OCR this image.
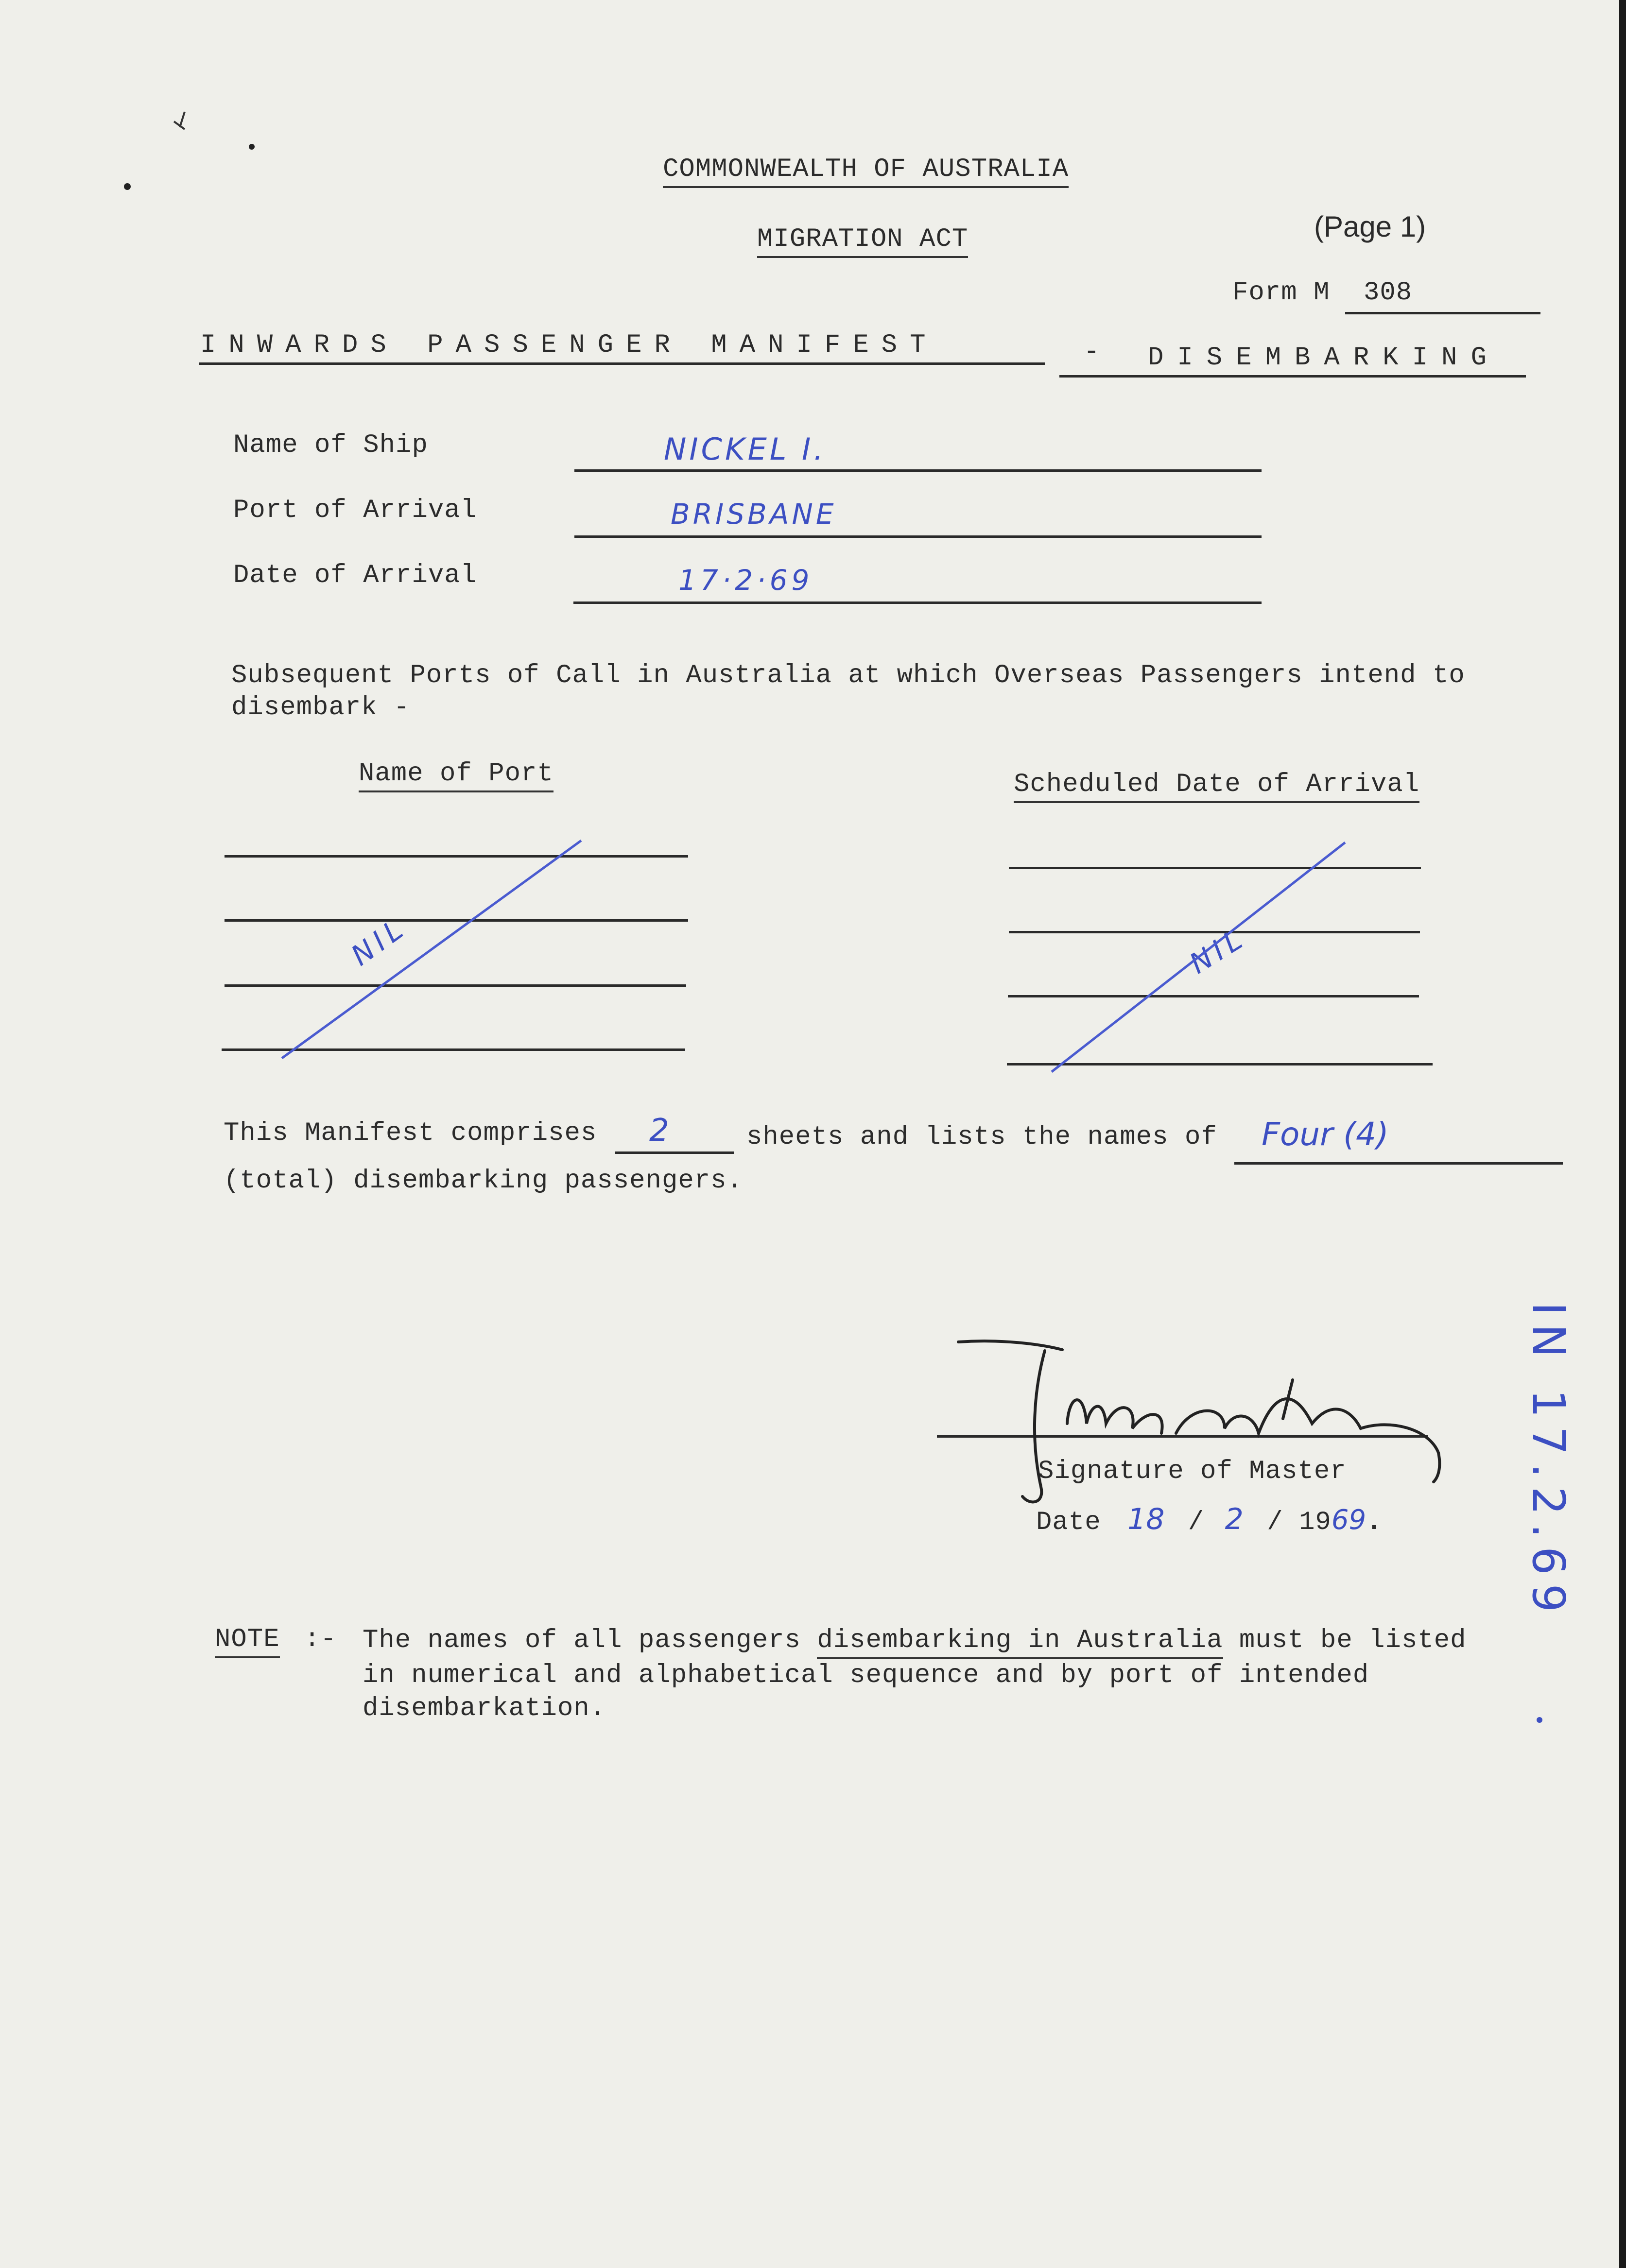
COMMONWEALTH OF AUSTRALIA
MIGRATION ACT	(Page 1)
Form M 308
INWARDS PASSENGER MANIFEST	- DISEMBARKING
Name of Ship	NICKEL I.
Port of Arrival	BRISBANE
Date of Arrival	17·2·69
Subsequent Ports of Call in Australia at which Overseas Passengers intend to
disembark -
Name of Port	Scheduled Date of Arrival
NIL	NIL
This Manifest comprises 2	sheets and lists the names of Four (4)
(total) disembarking passengers.
Signature of Master
Date 18 / 2 / 1969.
NOTE :- The names of all passengers disembarking in Australia must be listed
in numerical and alphabetical sequence and by port of intended
disembarkation.
IN 17.2.69
